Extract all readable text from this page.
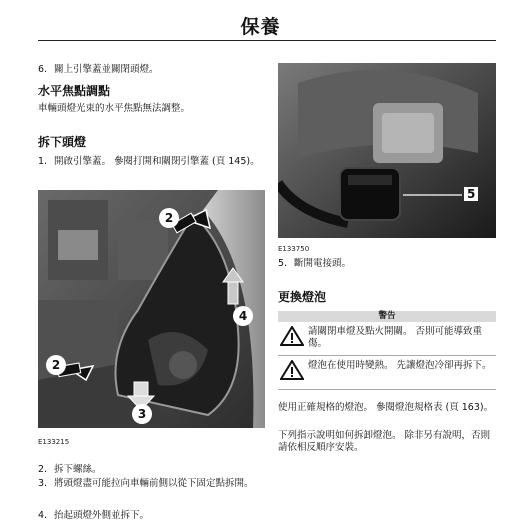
保養
6. 關上引擎蓋並關閉頭燈。
水平焦點調點
車輛頭燈光束的水平焦點無法調整。
拆下頭燈
1. 開啟引擎蓋。 參閱打開和關閉引擎蓋 (頁 145)。
2
2
3
4
E133215
2. 拆下螺絲。
3. 將頭燈盡可能拉向車輛前側以從下固定點拆開。
4. 抬起頭燈外側並拆下。
5
E133750
5. 斷開電接頭。
更換燈泡
警告
請關閉車燈及點火開關。 否則可能導致重傷。
燈泡在使用時變熱。 先讓燈泡冷卻再拆下。
使用正確規格的燈泡。 參閱燈泡規格表 (頁 163)。
下列指示說明如何拆卸燈泡。 除非另有說明，否則請依相反順序安裝。
